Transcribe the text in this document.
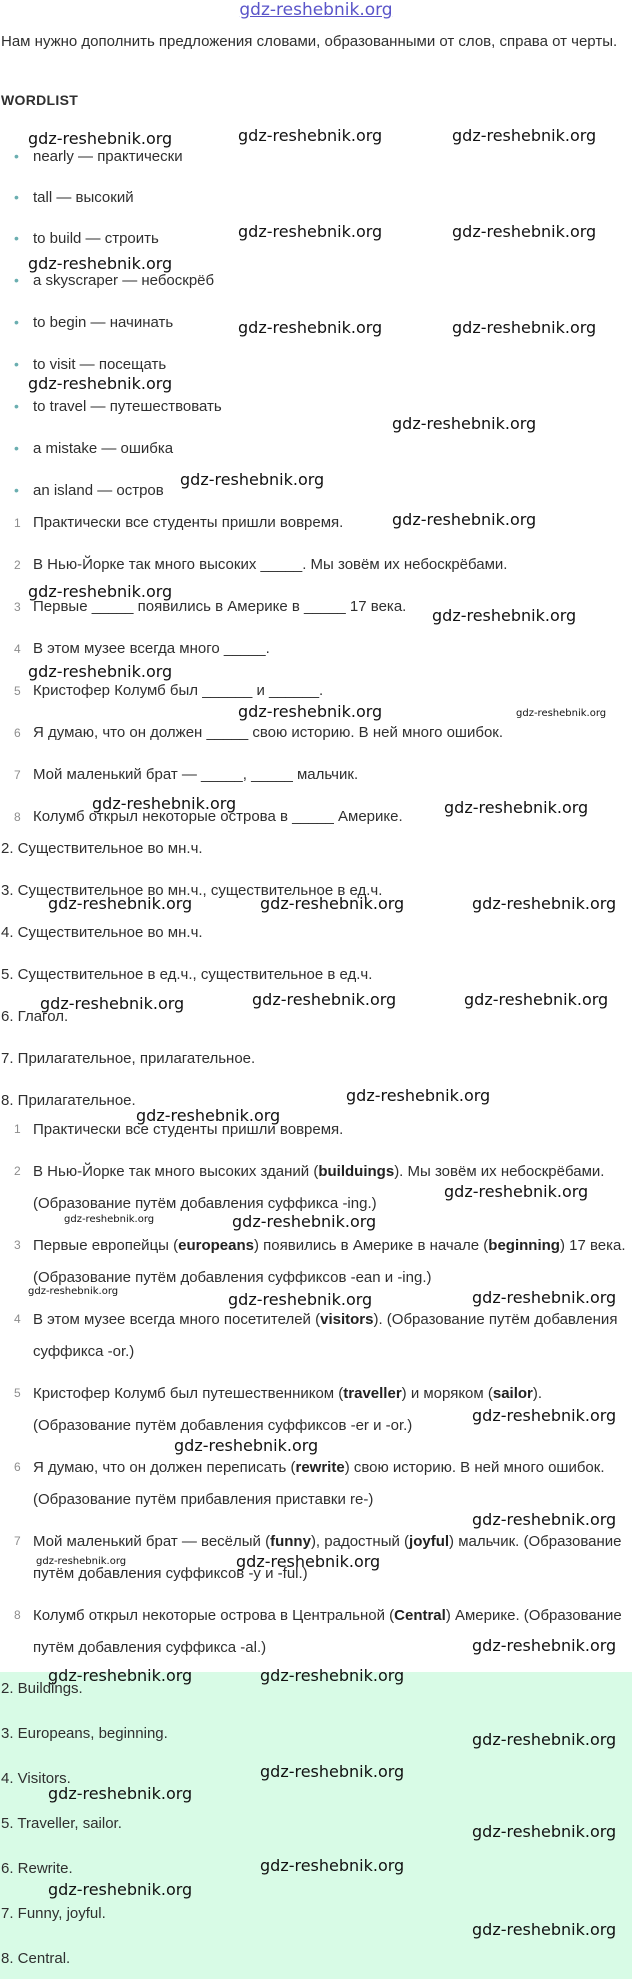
gdz-reshebnik.org
Нам нужно дополнить предложения словами, образованными от слов, справа от черты.
WORDLIST
• nearly — практически
• tall — высокий
• to build — строить
• a skyscraper — небоскрёб
• to begin — начинать
• to visit — посещать
• to travel — путешествовать
• a mistake — ошибка
• an island — остров
1 Практически все студенты пришли вовремя.
2 В Нью-Йорке так много высоких _____. Мы зовём их небоскрёбами.
3 Первые _____ появились в Америке в _____ 17 века.
4 В этом музее всегда много _____.
5 Кристофер Колумб был ______ и ______.
6 Я думаю, что он должен _____ свою историю. В ней много ошибок.
7 Мой маленький брат — _____, _____ мальчик.
8 Колумб открыл некоторые острова в _____ Америке.
2. Существительное во мн.ч.
3. Существительное во мн.ч., существительное в ед.ч.
4. Существительное во мн.ч.
5. Существительное в ед.ч., существительное в ед.ч.
6. Глагол.
7. Прилагательное, прилагательное.
8. Прилагательное.
1 Практически все студенты пришли вовремя.
2 В Нью-Йорке так много высоких зданий (builduings). Мы зовём их небоскрёбами. (Образование путём добавления суффикса -ing.)
3 Первые европейцы (europeans) появились в Америке в начале (beginning) 17 века. (Образование путём добавления суффиксов -ean и -ing.)
4 В этом музее всегда много посетителей (visitors). (Образование путём добавления суффикса -or.)
5 Кристофер Колумб был путешественником (traveller) и моряком (sailor). (Образование путём добавления суффиксов -er и -or.)
6 Я думаю, что он должен переписать (rewrite) свою историю. В ней много ошибок. (Образование путём прибавления приставки re-)
7 Мой маленький брат — весёлый (funny), радостный (joyful) мальчик. (Образование путём добавления суффиксов -y и -ful.)
8 Колумб открыл некоторые острова в Центральной (Central) Америке. (Образование путём добавления суффикса -al.)
2. Buildings.
3. Europeans, beginning.
4. Visitors.
5. Traveller, sailor.
6. Rewrite.
7. Funny, joyful.
8. Central.
gdz-reshebnik.org	gdz-reshebnik.org	gdz-reshebnik.org
gdz-reshebnik.org	gdz-reshebnik.org
gdz-reshebnik.org
gdz-reshebnik.org	gdz-reshebnik.org
gdz-reshebnik.org
gdz-reshebnik.org
gdz-reshebnik.org
gdz-reshebnik.org
gdz-reshebnik.org
gdz-reshebnik.org
gdz-reshebnik.org
gdz-reshebnik.org	gdz-reshebnik.org
gdz-reshebnik.org	gdz-reshebnik.org
gdz-reshebnik.org	gdz-reshebnik.org	gdz-reshebnik.org
gdz-reshebnik.org	gdz-reshebnik.org	gdz-reshebnik.org
gdz-reshebnik.org
gdz-reshebnik.org
gdz-reshebnik.org
gdz-reshebnik.org	gdz-reshebnik.org
gdz-reshebnik.org
gdz-reshebnik.org	gdz-reshebnik.org
gdz-reshebnik.org
gdz-reshebnik.org
gdz-reshebnik.org
gdz-reshebnik.org	gdz-reshebnik.org
gdz-reshebnik.org
gdz-reshebnik.org	gdz-reshebnik.org
gdz-reshebnik.org
gdz-reshebnik.org
gdz-reshebnik.org
gdz-reshebnik.org
gdz-reshebnik.org
gdz-reshebnik.org
gdz-reshebnik.org
